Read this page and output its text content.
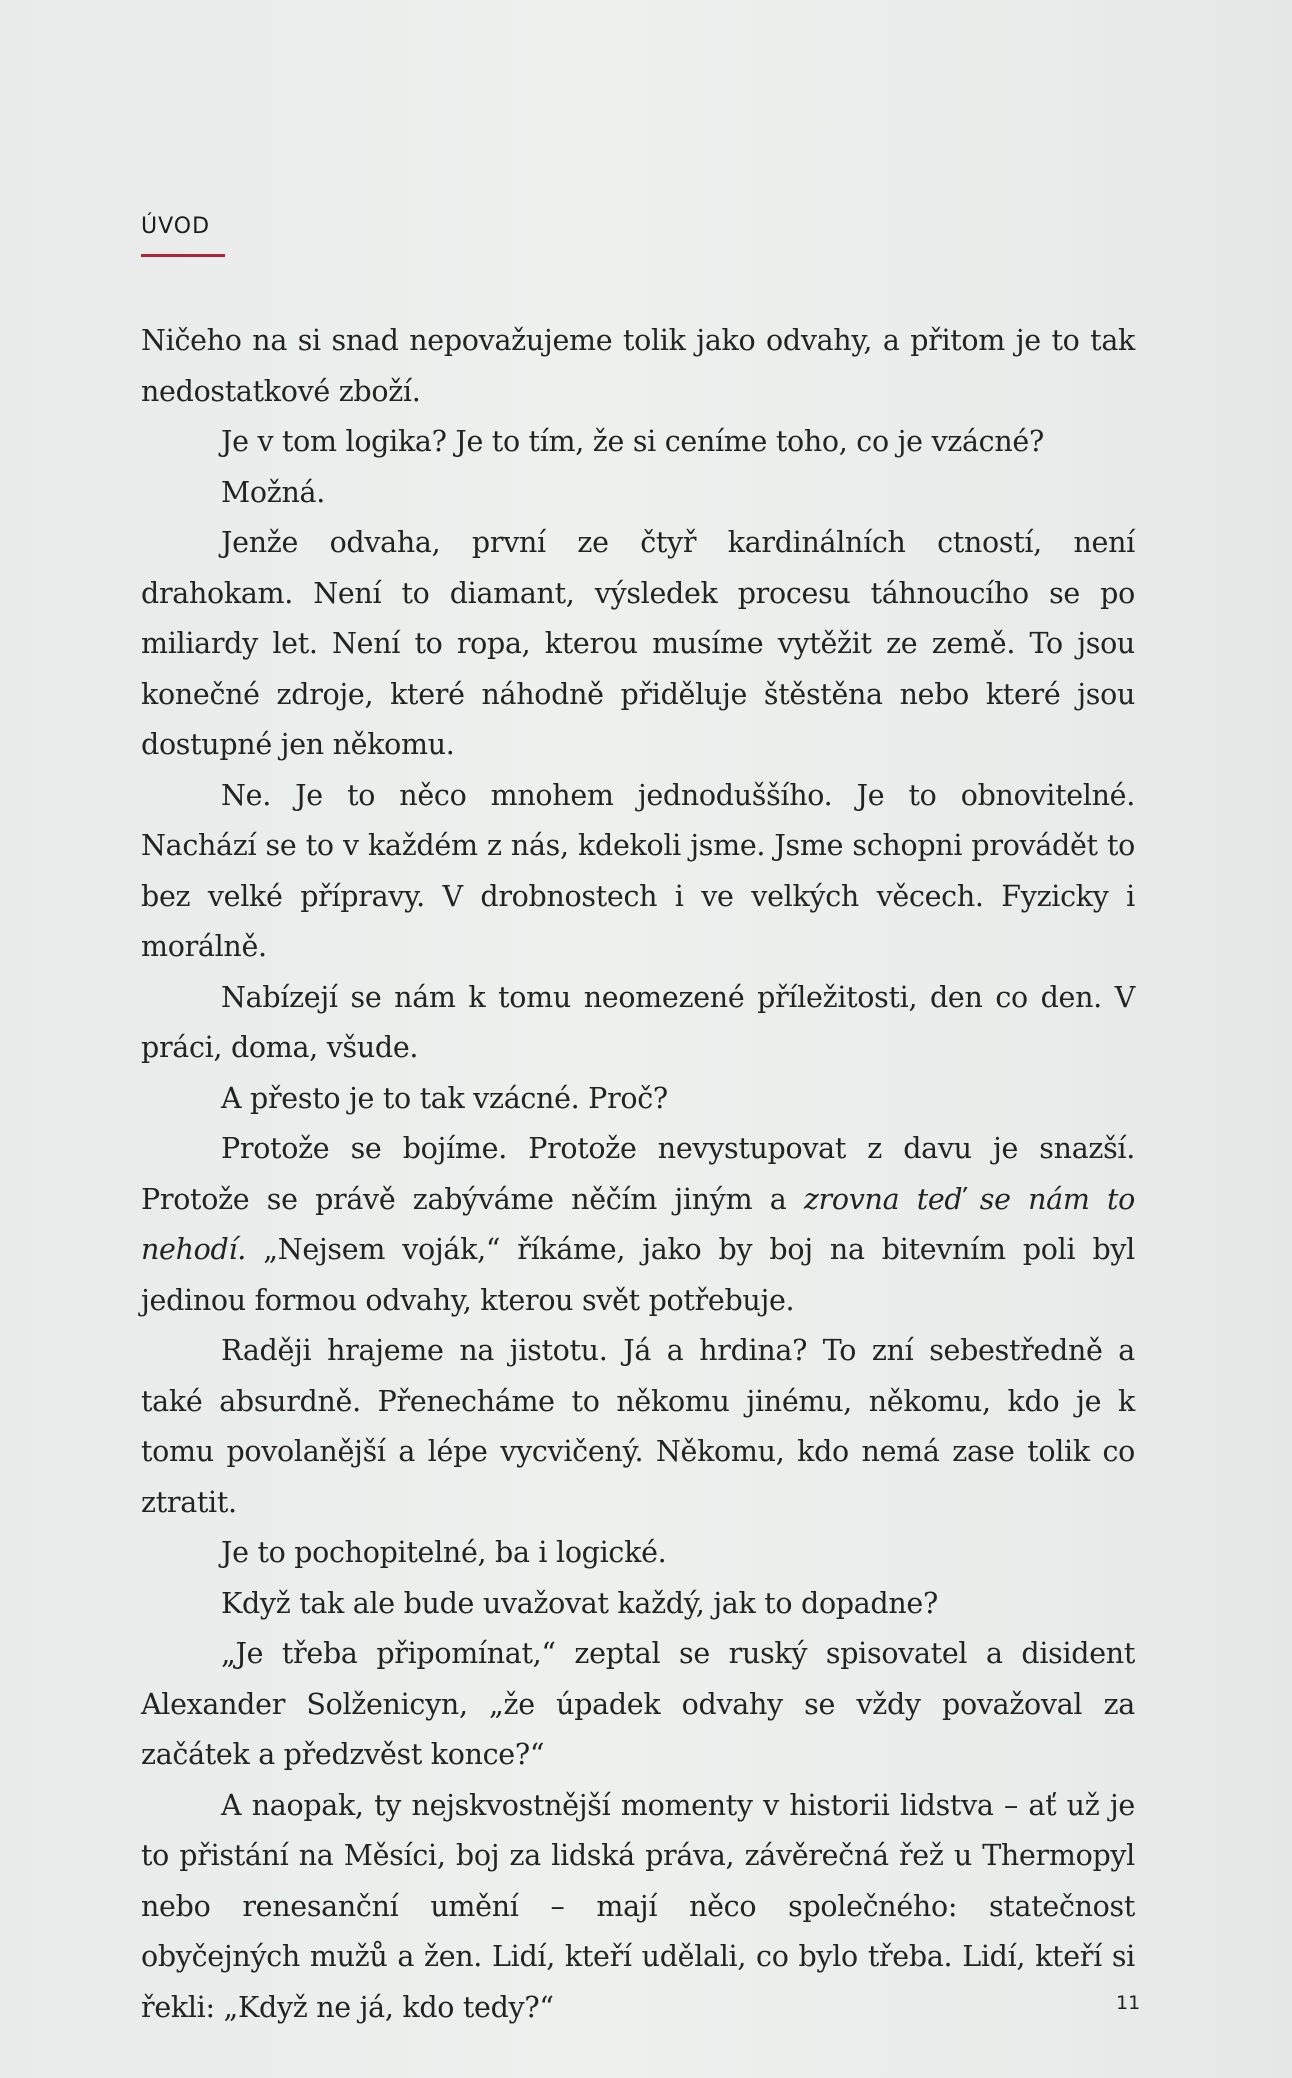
ÚVOD

Ničeho na si snad nepovažujeme tolik jako odvahy, a přitom je to tak nedostatkové zboží.

Je v tom logika? Je to tím, že si ceníme toho, co je vzácné?

Možná.

Jenže odvaha, první ze čtyř kardinálních ctností, není drahokam. Není to diamant, výsledek procesu táhnoucího se po miliardy let. Není to ropa, kterou musíme vytěžit ze země. To jsou konečné zdroje, které náhodně přiděluje štěstěna nebo které jsou dostupné jen někomu.

Ne. Je to něco mnohem jednoduššího. Je to obnovitelné. Nachází se to v každém z nás, kdekoli jsme. Jsme schopni provádět to bez velké přípravy. V drobnostech i ve velkých věcech. Fyzicky i morálně.

Nabízejí se nám k tomu neomezené příležitosti, den co den. V práci, doma, všude.

A přesto je to tak vzácné. Proč?

Protože se bojíme. Protože nevystupovat z davu je snazší. Protože se právě zabýváme něčím jiným a zrovna teď se nám to nehodí. „Nejsem voják,“ říkáme, jako by boj na bitevním poli byl jedinou formou odvahy, kterou svět potřebuje.

Raději hrajeme na jistotu. Já a hrdina? To zní sebestředně a také absurdně. Přenecháme to někomu jinému, někomu, kdo je k tomu povolanější a lépe vycvičený. Někomu, kdo nemá zase tolik co ztratit.

Je to pochopitelné, ba i logické.

Když tak ale bude uvažovat každý, jak to dopadne?

„Je třeba připomínat,“ zeptal se ruský spisovatel a disident Alexander Solženicyn, „že úpadek odvahy se vždy považoval za začátek a předzvěst konce?“

A naopak, ty nejskvostnější momenty v historii lidstva – ať už je to přistání na Měsíci, boj za lidská práva, závěrečná řež u Thermopyl nebo renesanční umění – mají něco společného: statečnost obyčejných mužů a žen. Lidí, kteří udělali, co bylo třeba. Lidí, kteří si řekli: „Když ne já, kdo tedy?“	11
